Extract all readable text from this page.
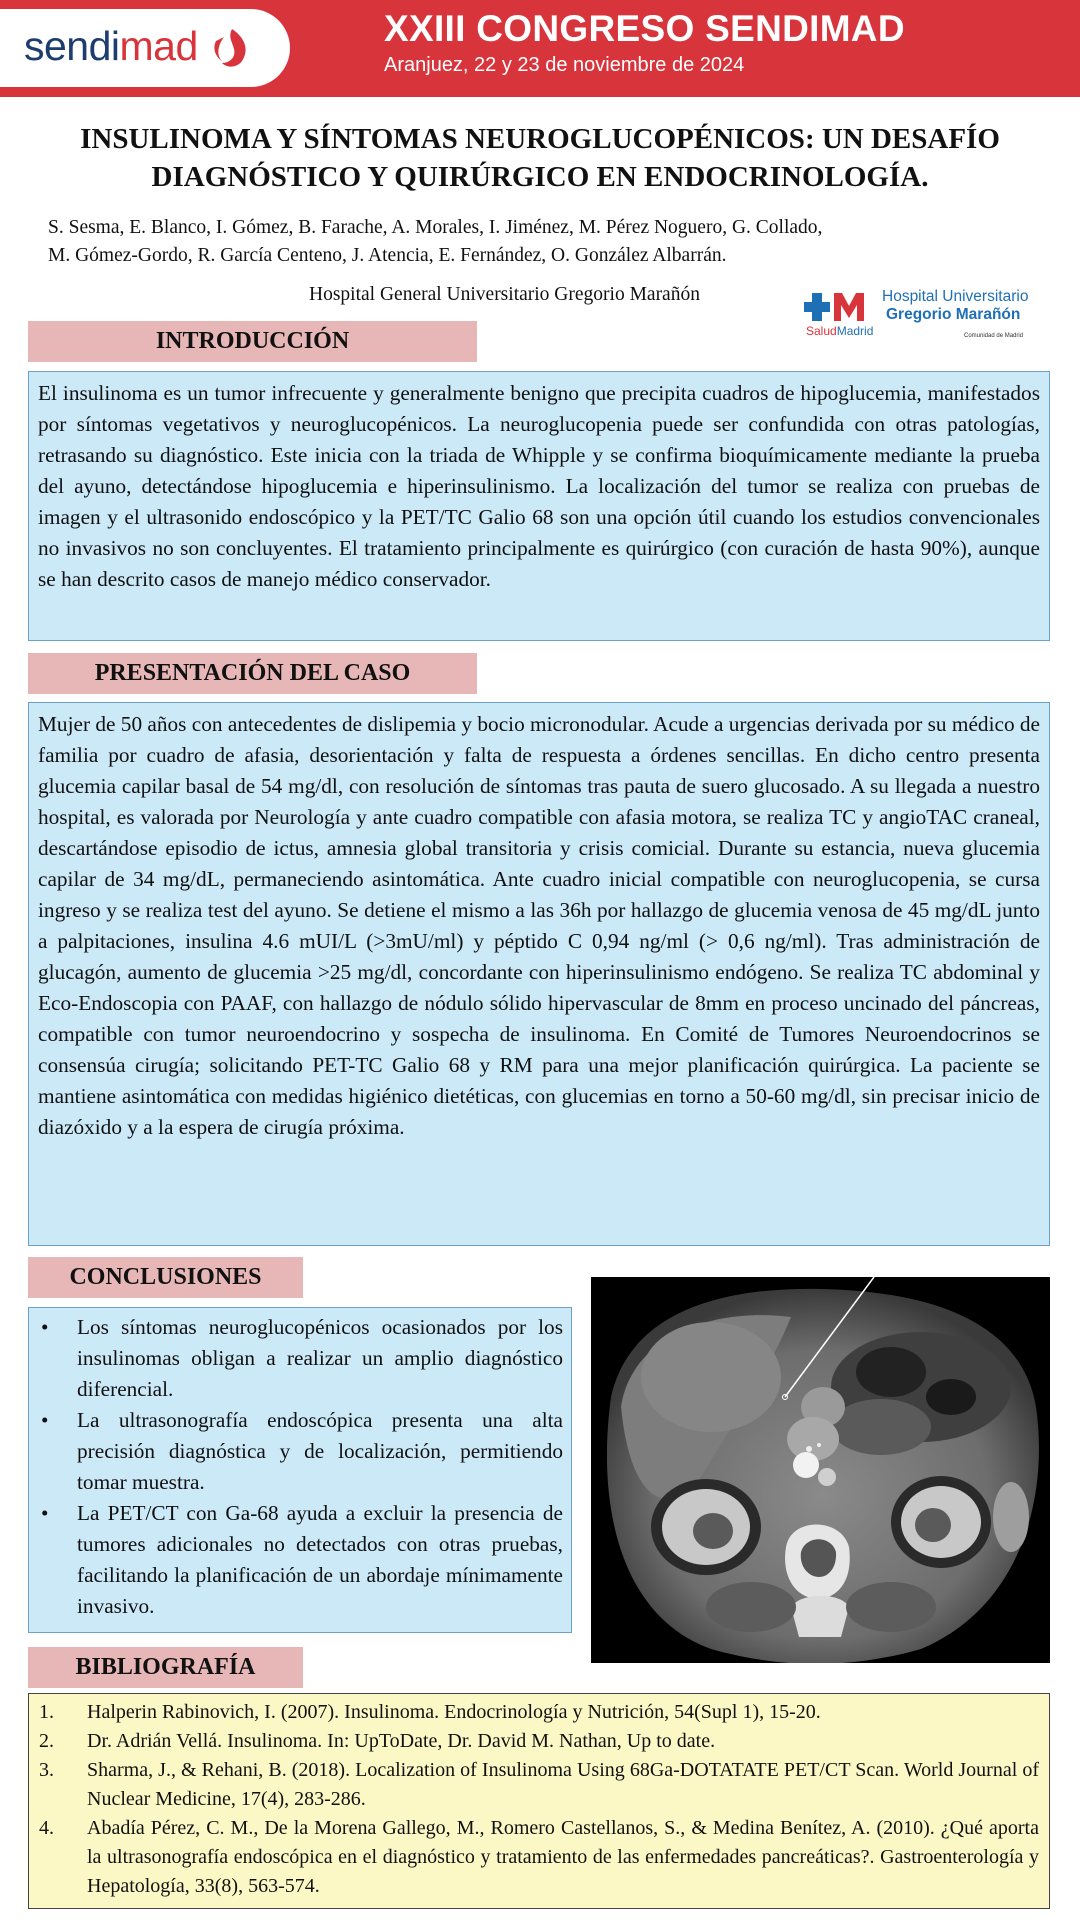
sendimad	XXIII CONGRESO SENDIMAD
Aranjuez, 22 y 23 de noviembre de 2024
INSULINOMA Y SÍNTOMAS NEUROGLUCOPÉNICOS: UN DESAFÍO
DIAGNÓSTICO Y QUIRÚRGICO EN ENDOCRINOLOGÍA.
S. Sesma, E. Blanco, I. Gómez, B. Farache, A. Morales, I. Jiménez, M. Pérez Noguero, G. Collado,
M. Gómez-Gordo, R. García Centeno, J. Atencia, E. Fernández, O. González Albarrán.
Hospital General Universitario Gregorio Marañón	Hospital Universitario
Gregorio Marañón
SaludMadrid	Comunidad de Madrid
INTRODUCCIÓN

El insulinoma es un tumor infrecuente y generalmente benigno que precipita cuadros de hipoglucemia, manifestados por síntomas vegetativos y neuroglucopénicos. La neuroglucopenia puede ser confundida con otras patologías, retrasando su diagnóstico. Este inicia con la triada de Whipple y se confirma bioquímicamente mediante la prueba del ayuno, detectándose hipoglucemia e hiperinsulinismo. La localización del tumor se realiza con pruebas de imagen y el ultrasonido endoscópico y la PET/TC Galio 68 son una opción útil cuando los estudios convencionales no invasivos no son concluyentes. El tratamiento principalmente es quirúrgico (con curación de hasta 90%), aunque se han descrito casos de manejo médico conservador.

PRESENTACIÓN DEL CASO

Mujer de 50 años con antecedentes de dislipemia y bocio micronodular. Acude a urgencias derivada por su médico de familia por cuadro de afasia, desorientación y falta de respuesta a órdenes sencillas. En dicho centro presenta glucemia capilar basal de 54 mg/dl, con resolución de síntomas tras pauta de suero glucosado. A su llegada a nuestro hospital, es valorada por Neurología y ante cuadro compatible con afasia motora, se realiza TC y angioTAC craneal, descartándose episodio de ictus, amnesia global transitoria y crisis comicial. Durante su estancia, nueva glucemia capilar de 34 mg/dL, permaneciendo asintomática. Ante cuadro inicial compatible con neuroglucopenia, se cursa ingreso y se realiza test del ayuno. Se detiene el mismo a las 36h por hallazgo de glucemia venosa de 45 mg/dL junto a palpitaciones, insulina 4.6 mUI/L (>3mU/ml) y péptido C 0,94 ng/ml (> 0,6 ng/ml). Tras administración de glucagón, aumento de glucemia >25 mg/dl, concordante con hiperinsulinismo endógeno. Se realiza TC abdominal y Eco-Endoscopia con PAAF, con hallazgo de nódulo sólido hipervascular de 8mm en proceso uncinado del páncreas, compatible con tumor neuroendocrino y sospecha de insulinoma. En Comité de Tumores Neuroendocrinos se consensúa cirugía; solicitando PET-TC Galio 68 y RM para una mejor planificación quirúrgica. La paciente se mantiene asintomática con medidas higiénico dietéticas, con glucemias en torno a 50-60 mg/dl, sin precisar inicio de diazóxido y a la espera de cirugía próxima.

CONCLUSIONES
• Los síntomas neuroglucopénicos ocasionados por los insulinomas obligan a realizar un amplio diagnóstico diferencial.
• La ultrasonografía endoscópica presenta una alta precisión diagnóstica y de localización, permitiendo tomar muestra.
• La PET/CT con Ga-68 ayuda a excluir la presencia de tumores adicionales no detectados con otras pruebas, facilitando la planificación de un abordaje mínimamente invasivo.
BIBLIOGRAFÍA
1. Halperin Rabinovich, I. (2007). Insulinoma. Endocrinología y Nutrición, 54(Supl 1), 15-20.
2. Dr. Adrián Vellá. Insulinoma. In: UpToDate, Dr. David M. Nathan, Up to date.
3. Sharma, J., & Rehani, B. (2018). Localization of Insulinoma Using 68Ga-DOTATATE PET/CT Scan. World Journal of Nuclear Medicine, 17(4), 283-286.
4. Abadía Pérez, C. M., De la Morena Gallego, M., Romero Castellanos, S., & Medina Benítez, A. (2010). ¿Qué aporta la ultrasonografía endoscópica en el diagnóstico y tratamiento de las enfermedades pancreáticas?. Gastroenterología y Hepatología, 33(8), 563-574.
